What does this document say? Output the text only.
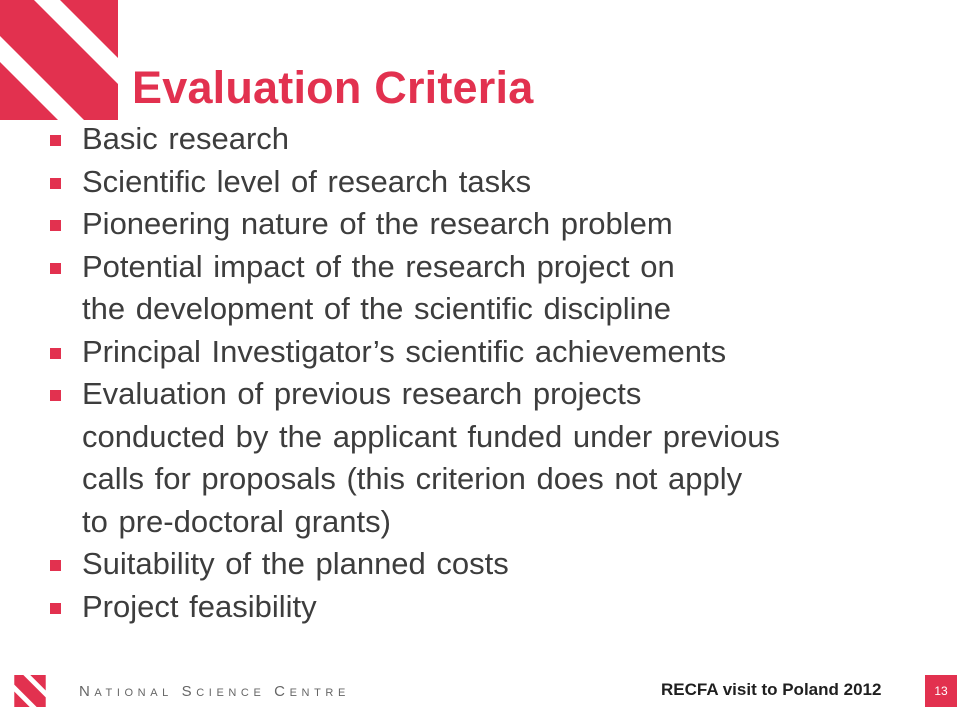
Evaluation Criteria
Basic research
Scientific level of research tasks
Pioneering nature of the research problem
Potential impact of the research project on
the development of the scientific discipline
Principal Investigator’s scientific achievements
Evaluation of previous research projects
conducted by the applicant funded under previous
calls for proposals (this criterion does not apply
to pre-doctoral grants)
Suitability of the planned costs
Project feasibility
National Science Centre	RECFA visit to Poland 2012	13
